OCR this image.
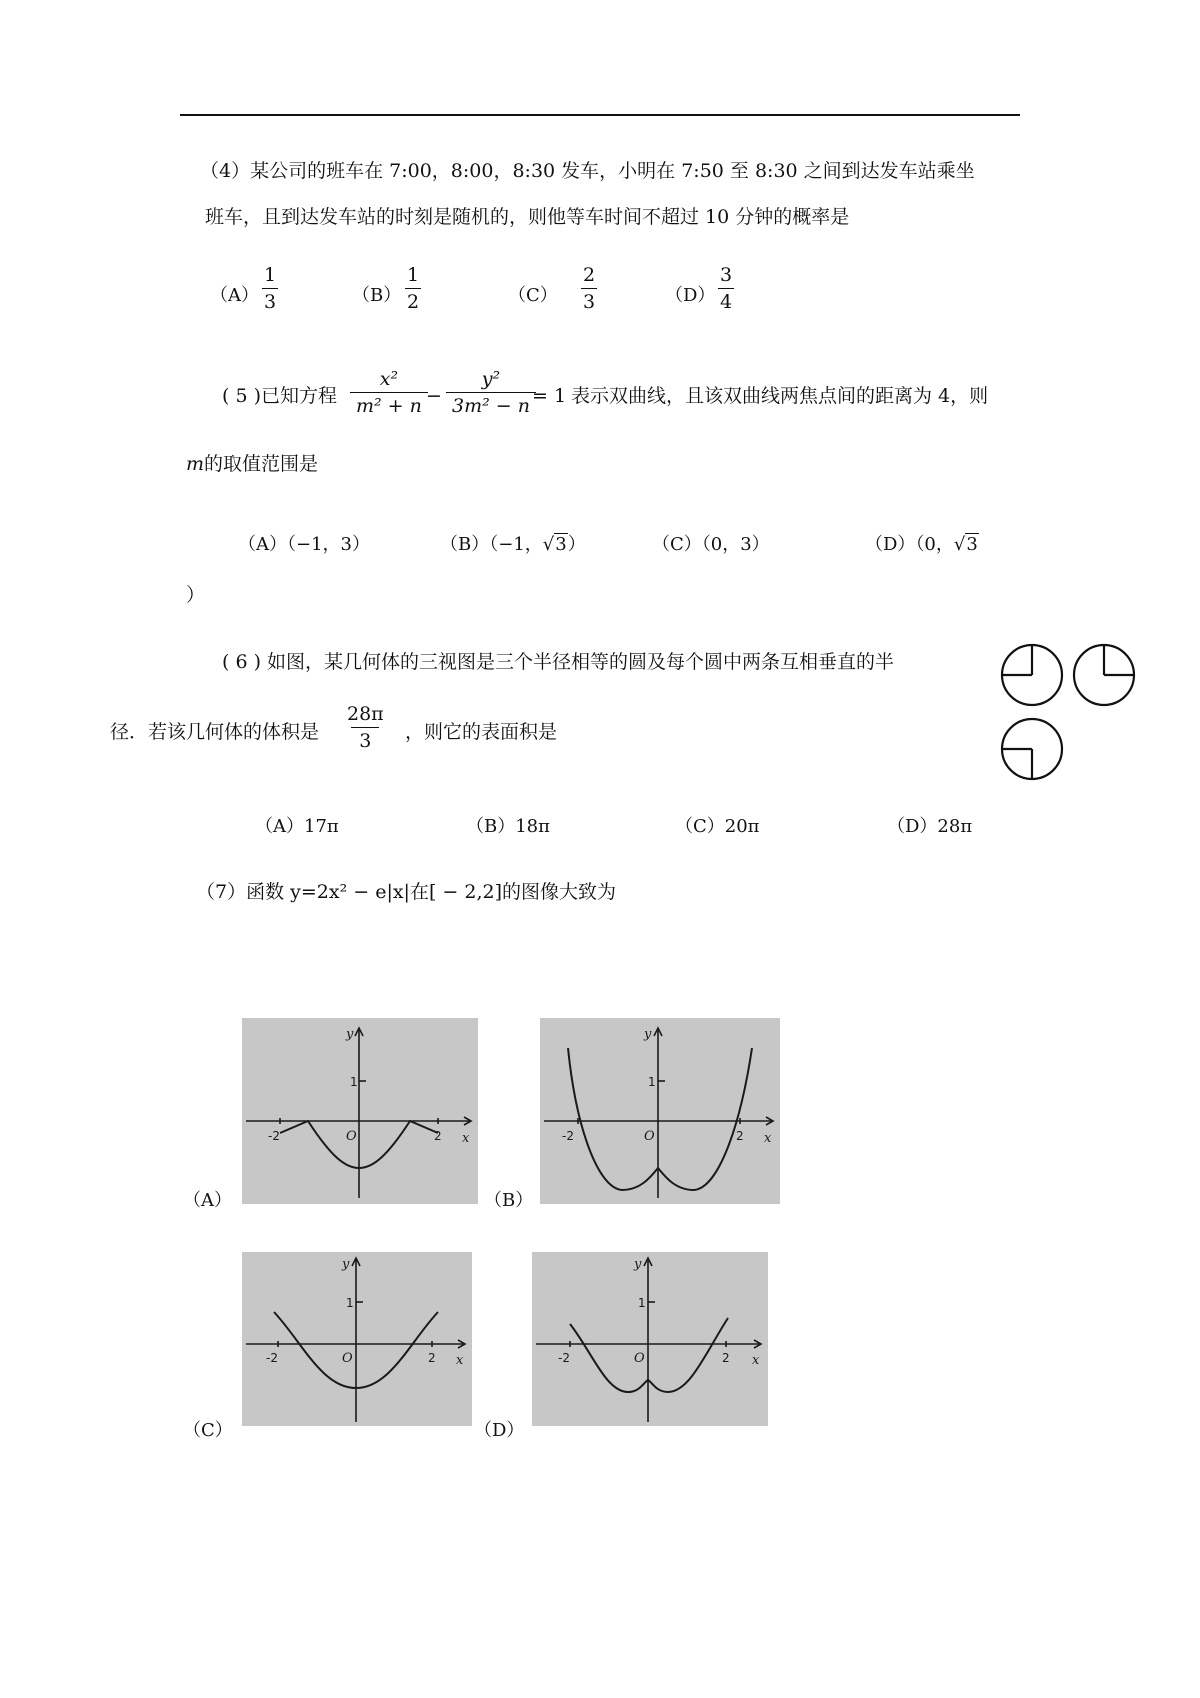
（4）某公司的班车在 7:00，8:00，8:30 发车，小明在 7:50 至 8:30 之间到达发车站乘坐
班车，且到达发车站的时刻是随机的，则他等车时间不超过 10 分钟的概率是
$(A) \frac{1}{3}$	$(B) \frac{1}{2}$	$(C) \frac{2}{3}$	$(D) \frac{3}{4}$
( 5 )已知方程 $\frac{\text{x²}}{\text{m² + n}}$
− $\frac{\text{y²}}{\text{3m² − n}}$
= 1 表示双曲线，且该双曲线两焦点间的距离为 4，则
m的取值范围是
（A）（−1，3）	（B）（−1，√3）	（C）（0，3）	（D）（0，√3
）
( 6 ) 如图，某几何体的三视图是三个半径相等的圆及每个圆中两条互相垂直的半
径．若该几何体的体积是 $\frac{28\pi}{3}$ ，则它的表面积是
（A）17π	（B）18π	（C）20π	（D）28π
（7）函数 y=2x² − e|x|在[ − 2,2]的图像大致为
（A）
y
x
O
1
-2	2
（B）
y
x
O
1
-2	2
（C）
y
x
O
1
-2	2
（D）
y
x
O
1
-2	2
